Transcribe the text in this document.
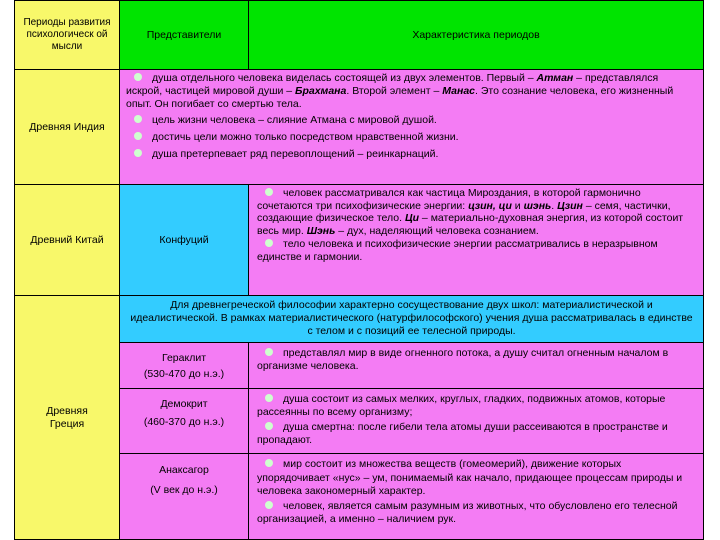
Периоды развития психологическ ой мысли
Представители	Характеристика периодов
Древняя Индия
душа отдельного человека виделась состоящей из двух элементов. Первый – Атман – представлялся искрой, частицей мировой души – Брахмана. Второй элемент – Манас. Это сознание человека, его жизненный опыт. Он погибает со смертью тела.
цель жизни человека – слияние Атмана с мировой душой.
достичь цели можно только посредством нравственной жизни.
душа претерпевает ряд перевоплощений – реинкарнаций.
Древний Китай	Конфуций
человек рассматривался как частица Мироздания, в которой гармонично сочетаются три психофизические энергии: цзин, ци и шэнь. Цзин – семя, частички, создающие физическое тело. Ци – материально-духовная энергия, из которой состоит весь мир. Шэнь – дух, наделяющий человека сознанием.
тело человека и психофизические энергии рассматривались в неразрывном единстве и гармонии.
Древняя Греция
Для древнегреческой философии характерно сосуществование двух школ: материалистической и идеалистической. В рамках материалистического (натурфилософского) учения душа рассматривалась в единстве с телом и с позиций ее телесной природы.
Гераклит
(530-470 до н.э.)
представлял мир в виде огненного потока, а душу считал огненным началом в организме человека.
Демокрит
(460-370 до н.э.)
душа состоит из самых мелких, круглых, гладких, подвижных атомов, которые рассеянны по всему организму;
душа смертна: после гибели тела атомы души рассеиваются в пространстве и пропадают.
Анаксагор
(V век до н.э.)
мир состоит из множества веществ (гомеомерий), движение которых упорядочивает «нус» – ум, понимаемый как начало, придающее процессам природы и человека закономерный характер.
человек, является самым разумным из животных, что обусловлено его телесной организацией, а именно – наличием рук.
